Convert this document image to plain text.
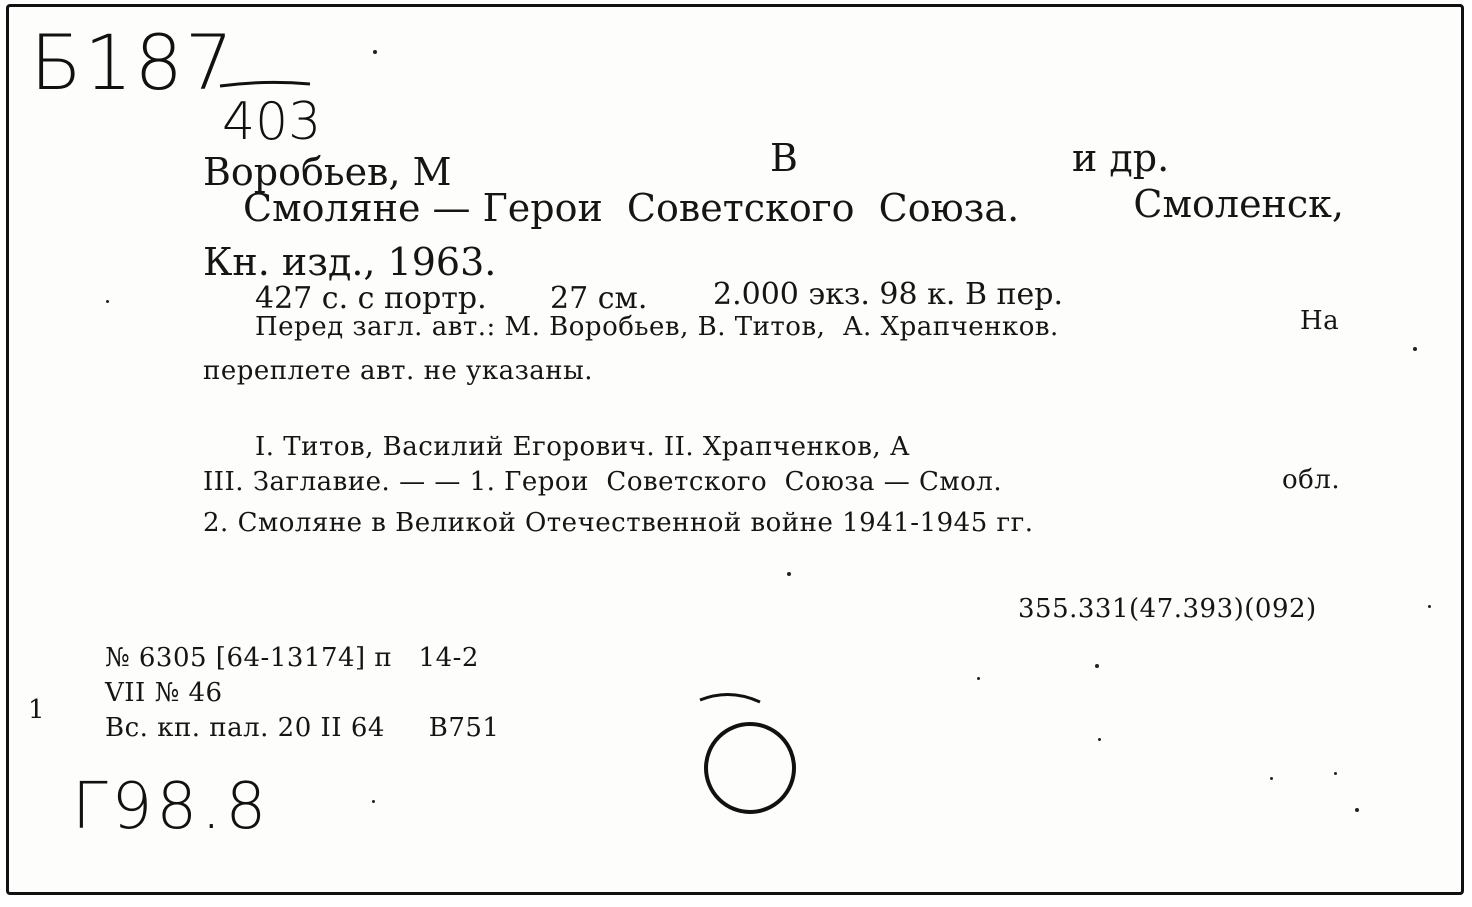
Б187
403
Г98.8
Воробьев, М	В	и др.
Смоляне — Герои  Советского  Союза.	Смоленск,
Кн. изд., 1963.
427 с. с портр. 27 см. 2.000 экз. 98 к. В пер.
Перед загл. авт.: М. Воробьев, В. Титов,  А. Храпченков.	На
переплете авт. не указаны.
I. Титов, Василий Егорович. II. Храпченков, А
III. Заглавие. — — 1. Герои  Советского  Союза — Смол.	обл.
2. Смоляне в Великой Отечественной войне 1941-1945 гг.
355.331(47.393)(092)
№ 6305 [64-13174] п   14-2
VII № 46
Вс. кп. пал. 20 II 64     В751
1
